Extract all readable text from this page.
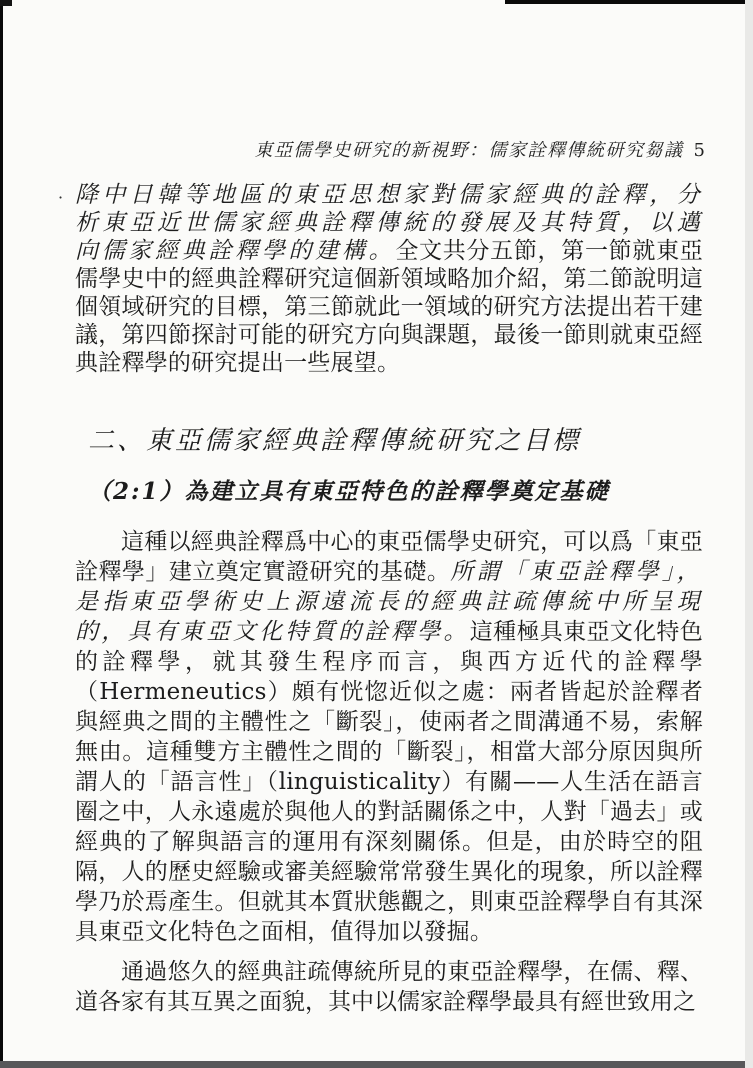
·
東亞儒學史研究的新視野：儒家詮釋傳統研究芻議 5

降中日韓等地區的東亞思想家對儒家經典的詮釋，分析東亞近世儒家經典詮釋傳統的發展及其特質，以邁向儒家經典詮釋學的建構。全文共分五節，第一節就東亞儒學史中的經典詮釋研究這個新領域略加介紹，第二節說明這個領域研究的目標，第三節就此一領域的研究方法提出若干建議，第四節探討可能的研究方向與課題，最後一節則就東亞經典詮釋學的研究提出一些展望。

二、東亞儒家經典詮釋傳統研究之目標
（2:1）為建立具有東亞特色的詮釋學奠定基礎

這種以經典詮釋爲中心的東亞儒學史研究，可以爲「東亞詮釋學」建立奠定實證研究的基礎。所謂「東亞詮釋學」，是指東亞學術史上源遠流長的經典註疏傳統中所呈現的，具有東亞文化特質的詮釋學。這種極具東亞文化特色的詮釋學，就其發生程序而言，與西方近代的詮釋學（Hermeneutics）頗有恍惚近似之處：兩者皆起於詮釋者與經典之間的主體性之「斷裂」，使兩者之間溝通不易，索解無由。這種雙方主體性之間的「斷裂」，相當大部分原因與所謂人的「語言性」（linguisticality）有關——人生活在語言圈之中，人永遠處於與他人的對話關係之中，人對「過去」或經典的了解與語言的運用有深刻關係。但是，由於時空的阻隔，人的歷史經驗或審美經驗常常發生異化的現象，所以詮釋學乃於焉產生。但就其本質狀態觀之，則東亞詮釋學自有其深具東亞文化特色之面相，值得加以發掘。

通過悠久的經典註疏傳統所見的東亞詮釋學，在儒、釋、道各家有其互異之面貌，其中以儒家詮釋學最具有經世致用之
